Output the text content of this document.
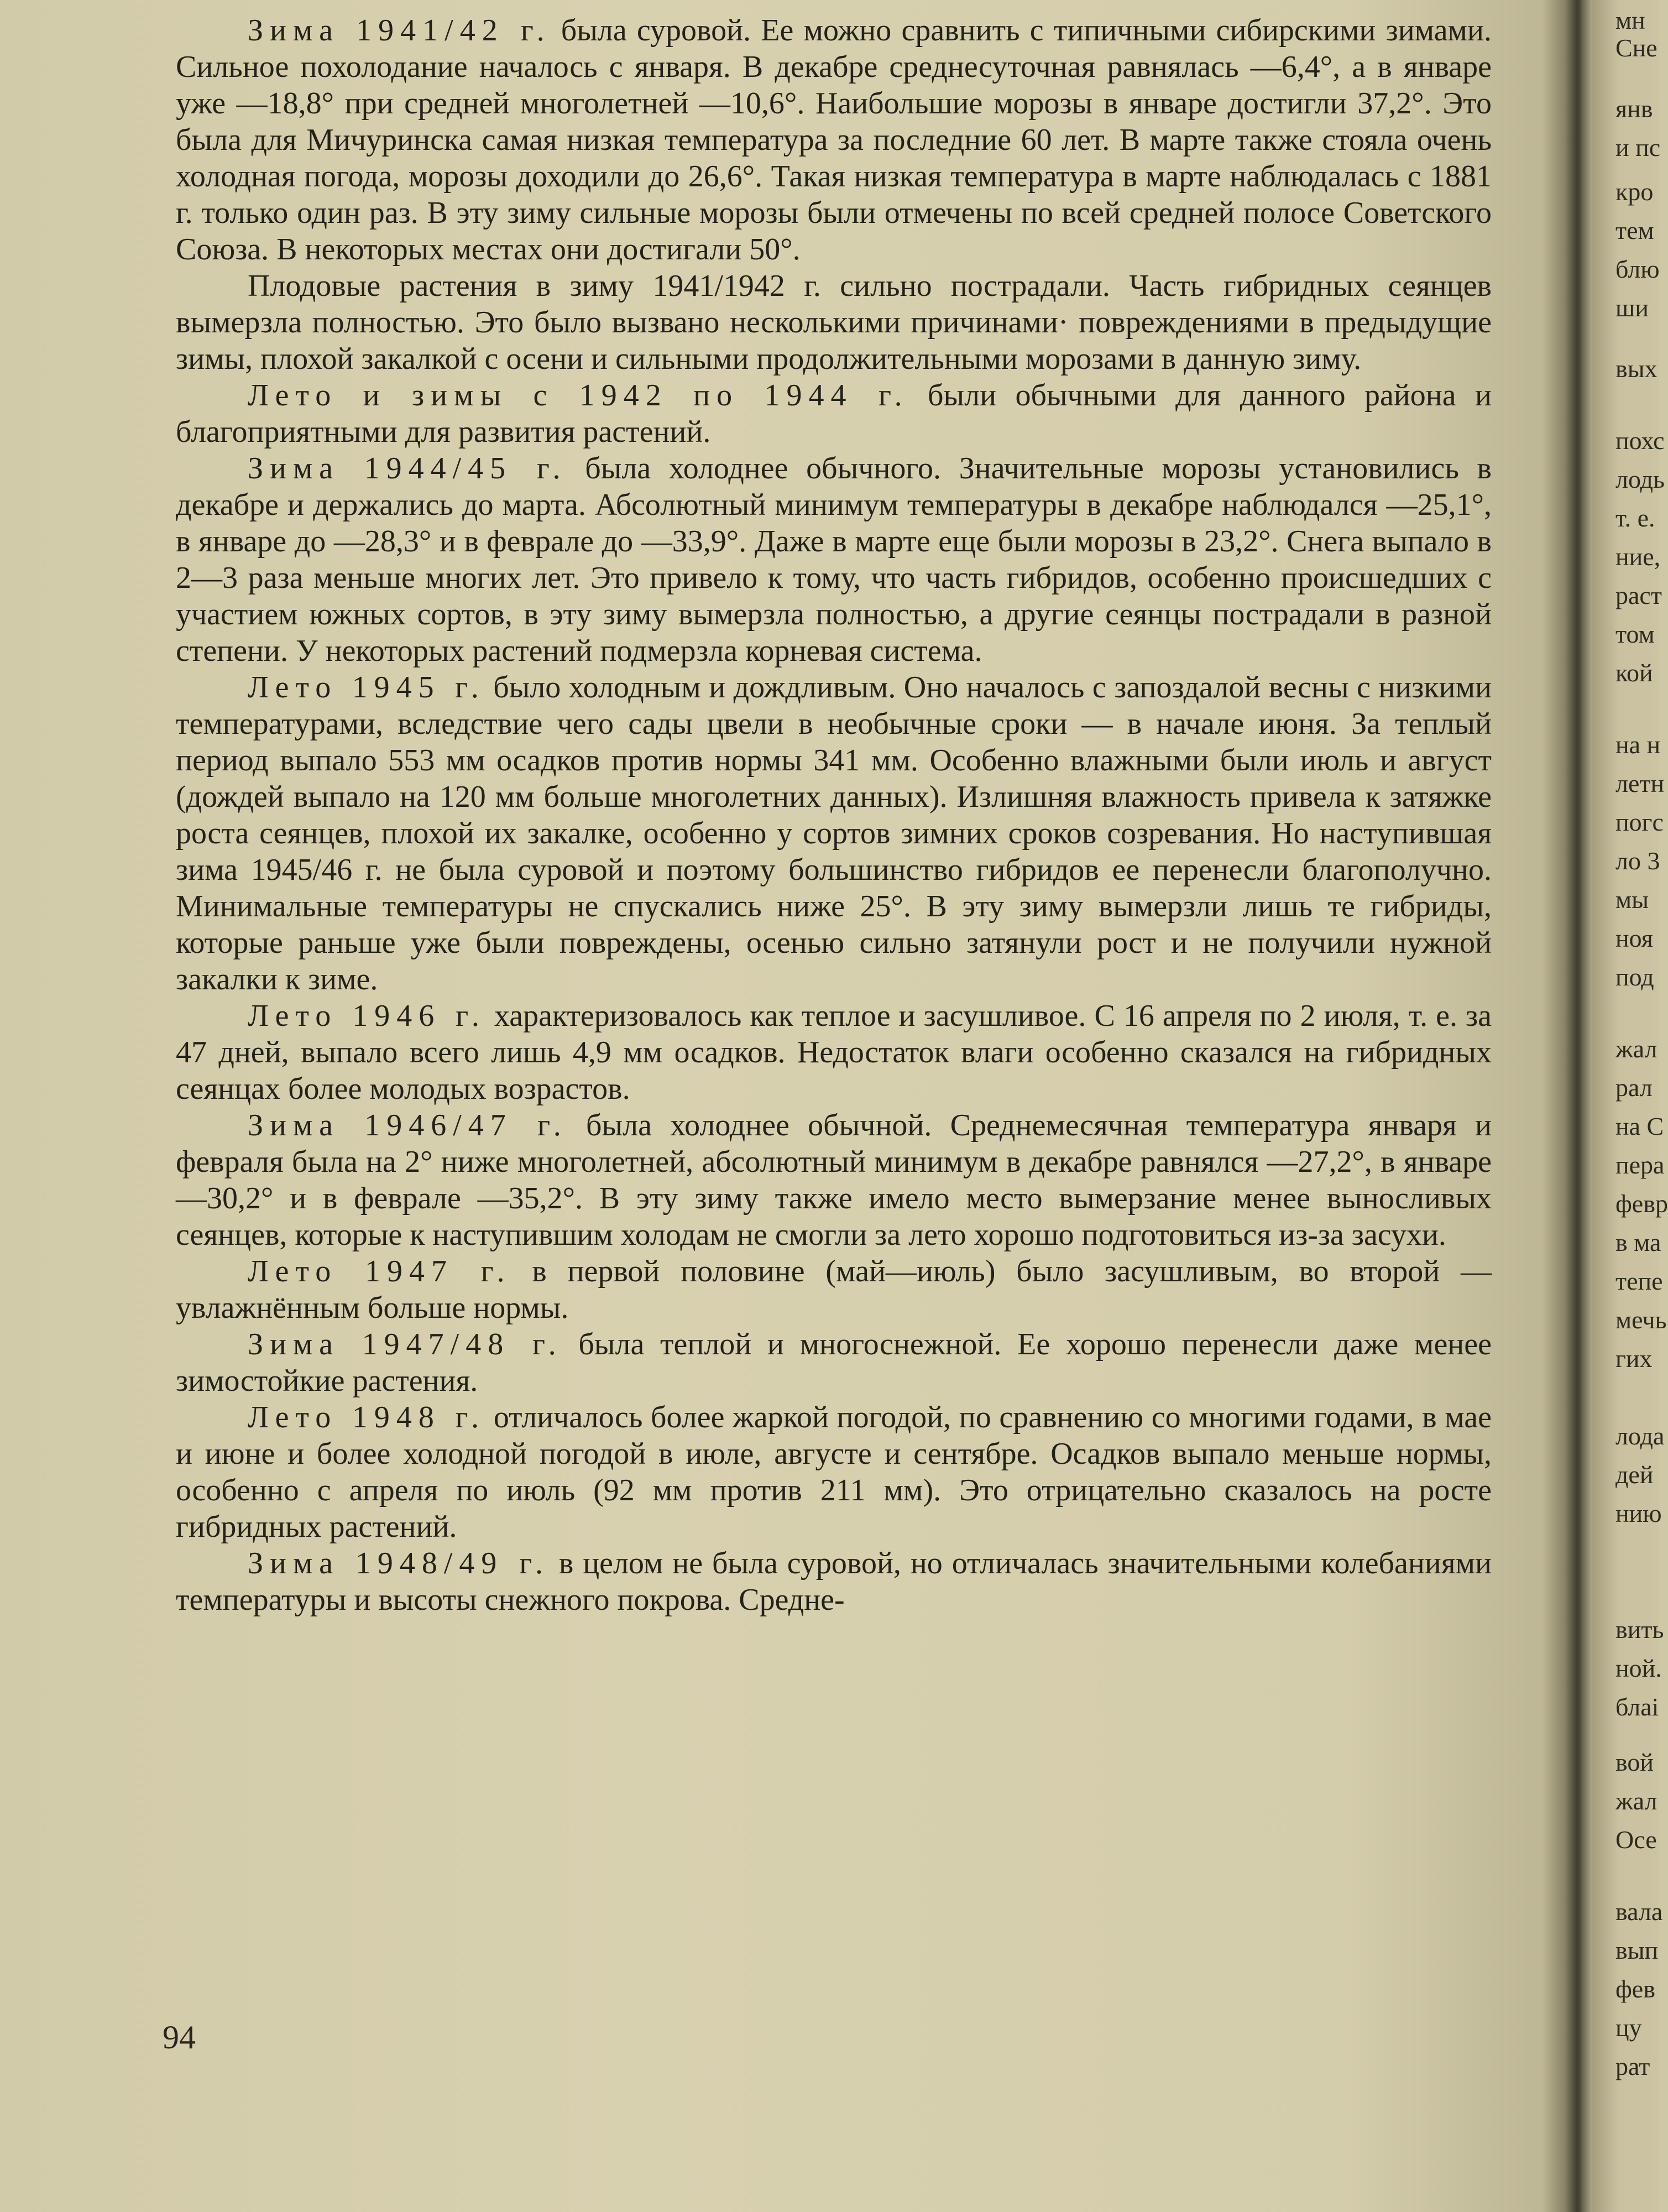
Зима 1941/42 г. была суровой. Ее можно сравнить с типичными сибирскими зимами. Сильное похолодание началось с января. В декабре среднесуточная равнялась —6,4°, а в январе уже —18,8° при средней многолетней —10,6°. Наибольшие морозы в январе достигли 37,2°. Это была для Мичуринска самая низкая температура за последние 60 лет. В марте также стояла очень холодная погода, морозы доходили до 26,6°. Такая низкая температура в марте наблюдалась с 1881 г. только один раз. В эту зиму сильные морозы были отмечены по всей средней полосе Советского Союза. В некоторых местах они достигали 50°.

Плодовые растения в зиму 1941/1942 г. сильно пострадали. Часть гибридных сеянцев вымерзла полностью. Это было вызвано несколькими причинами· повреждениями в предыдущие зимы, плохой закалкой с осени и сильными продолжительными морозами в данную зиму.

Лето и зимы с 1942 по 1944 г. были обычными для данного района и благоприятными для развития растений.

Зима 1944/45 г. была холоднее обычного. Значительные морозы установились в декабре и держались до марта. Абсолютный минимум температуры в декабре наблюдался —25,1°, в январе до —28,3° и в феврале до —33,9°. Даже в марте еще были морозы в 23,2°. Снега выпало в 2—3 раза меньше многих лет. Это привело к тому, что часть гибридов, особенно происшедших с участием южных сортов, в эту зиму вымерзла полностью, а другие сеянцы пострадали в разной степени. У некоторых растений подмерзла корневая система.

Лето 1945 г. было холодным и дождливым. Оно началось с запоздалой весны с низкими температурами, вследствие чего сады цвели в необычные сроки — в начале июня. За теплый период выпало 553 мм осадков против нормы 341 мм. Особенно влажными были июль и август (дождей выпало на 120 мм больше многолетних данных). Излишняя влажность привела к затяжке роста сеянцев, плохой их закалке, особенно у сортов зимних сроков созревания. Но наступившая зима 1945/46 г. не была суровой и поэтому большинство гибридов ее перенесли благополучно. Минимальные температуры не спускались ниже 25°. В эту зиму вымерзли лишь те гибриды, которые раньше уже были повреждены, осенью сильно затянули рост и не получили нужной закалки к зиме.

Лето 1946 г. характеризовалось как теплое и засушливое. С 16 апреля по 2 июля, т. е. за 47 дней, выпало всего лишь 4,9 мм осадков. Недостаток влаги особенно сказался на гибридных сеянцах более молодых возрастов.

Зима 1946/47 г. была холоднее обычной. Среднемесячная температура января и февраля была на 2° ниже многолетней, абсолютный минимум в декабре равнялся —27,2°, в январе —30,2° и в феврале —35,2°. В эту зиму также имело место вымерзание менее выносливых сеянцев, которые к наступившим холодам не смогли за лето хорошо подготовиться из-за засухи.

Лето 1947 г. в первой половине (май—июль) было засушливым, во второй — увлажнённым больше нормы.

Зима 1947/48 г. была теплой и многоснежной. Ее хорошо перенесли даже менее зимостойкие растения.

Лето 1948 г. отличалось более жаркой погодой, по сравнению со многими годами, в мае и июне и более холодной погодой в июле, августе и сентябре. Осадков выпало меньше нормы, особенно с апреля по июль (92 мм против 211 мм). Это отрицательно сказалось на росте гибридных растений.

Зима 1948/49 г. в целом не была суровой, но отличалась значительными колебаниями температуры и высоты снежного покрова. Средне-

94
мн
Сне
янв
и пс
кро
тем
блю
ши
вых
похс
лодь
т. е.
ние,
раст
том
кой
на н
летн
погс
ло 3
мы
ноя
под
жал
рал
на С
пера
февр
в ма
тепе
мечь
гих
лода
дей
нию
вить
ной.
блаі
вой
жал
Осе
вала
вып
фев
цу
рат
